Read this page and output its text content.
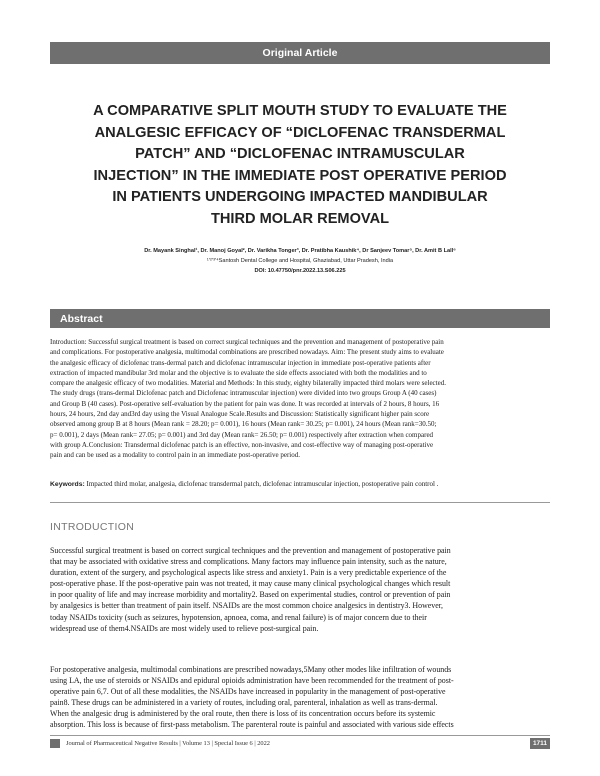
Original Article
A COMPARATIVE SPLIT MOUTH STUDY TO EVALUATE THE
ANALGESIC EFFICACY OF “DICLOFENAC TRANSDERMAL
PATCH” AND “DICLOFENAC INTRAMUSCULAR
INJECTION” IN THE IMMEDIATE POST OPERATIVE PERIOD
IN PATIENTS UNDERGOING IMPACTED MANDIBULAR
THIRD MOLAR REMOVAL
Dr. Mayank Singhal¹, Dr. Manoj Goyal², Dr. Varikha Tonger³, Dr. Pratibha Kaushik⁴, Dr Sanjeev Tomar⁵, Dr. Amit B Lall⁶
¹ʼ²ʼ³ʼ⁴Santosh Dental College and Hospital, Ghaziabad, Uttar Pradesh, India
DOI: 10.47750/pnr.2022.13.S06.225
Abstract
Introduction: Successful surgical treatment is based on correct surgical techniques and the prevention and management of postoperative pain
and complications. For postoperative analgesia, multimodal combinations are prescribed nowadays. Aim: The present study aims to evaluate
the analgesic efficacy of diclofenac trans-dermal patch and diclofenac intramuscular injection in immediate post-operative patients after
extraction of impacted mandibular 3rd molar and the objective is to evaluate the side effects associated with both the modalities and to
compare the analgesic efficacy of two modalities. Material and Methods: In this study, eighty bilaterally impacted third molars were selected.
The study drugs (trans-dermal Diclofenac patch and Diclofenac intramuscular injection) were divided into two groups Group A (40 cases)
and Group B (40 cases). Post-operative self-evaluation by the patient for pain was done. It was recorded at intervals of 2 hours, 8 hours, 16
hours, 24 hours, 2nd day and3rd day using the Visual Analogue Scale.Results and Discussion: Statistically significant higher pain score
observed among group B at 8 hours (Mean rank = 28.20; p= 0.001), 16 hours (Mean rank= 30.25; p= 0.001), 24 hours (Mean rank=30.50;
p= 0.001), 2 days (Mean rank= 27.05; p= 0.001) and 3rd day (Mean rank= 26.50; p= 0.001) respectively after extraction when compared
with group A.Conclusion: Transdermal diclofenac patch is an effective, non-invasive, and cost-effective way of managing post-operative
pain and can be used as a modality to control pain in an immediate post-operative period.
Keywords: Impacted third molar, analgesia, diclofenac transdermal patch, diclofenac intramuscular injection, postoperative pain control .
INTRODUCTION
Successful surgical treatment is based on correct surgical techniques and the prevention and management of postoperative pain
that may be associated with oxidative stress and complications. Many factors may influence pain intensity, such as the nature,
duration, extent of the surgery, and psychological aspects like stress and anxiety1. Pain is a very predictable experience of the
post-operative phase. If the post-operative pain was not treated, it may cause many clinical psychological changes which result
in poor quality of life and may increase morbidity and mortality2. Based on experimental studies, control or prevention of pain
by analgesics is better than treatment of pain itself. NSAIDs are the most common choice analgesics in dentistry3. However,
today NSAIDs toxicity (such as seizures, hypotension, apnoea, coma, and renal failure) is of major concern due to their
widespread use of them4.NSAIDs are most widely used to relieve post-surgical pain.
For postoperative analgesia, multimodal combinations are prescribed nowadays,5Many other modes like infiltration of wounds
using LA, the use of steroids or NSAIDs and epidural opioids administration have been recommended for the treatment of post-
operative pain 6,7. Out of all these modalities, the NSAIDs have increased in popularity in the management of post-operative
pain8. These drugs can be administered in a variety of routes, including oral, parenteral, inhalation as well as trans-dermal.
When the analgesic drug is administered by the oral route, then there is loss of its concentration occurs before its systemic
absorption. This loss is because of first-pass metabolism. The parenteral route is painful and associated with various side effects
Journal of Pharmaceutical Negative Results | Volume 13 | Special Issue 6 | 2022	1711
